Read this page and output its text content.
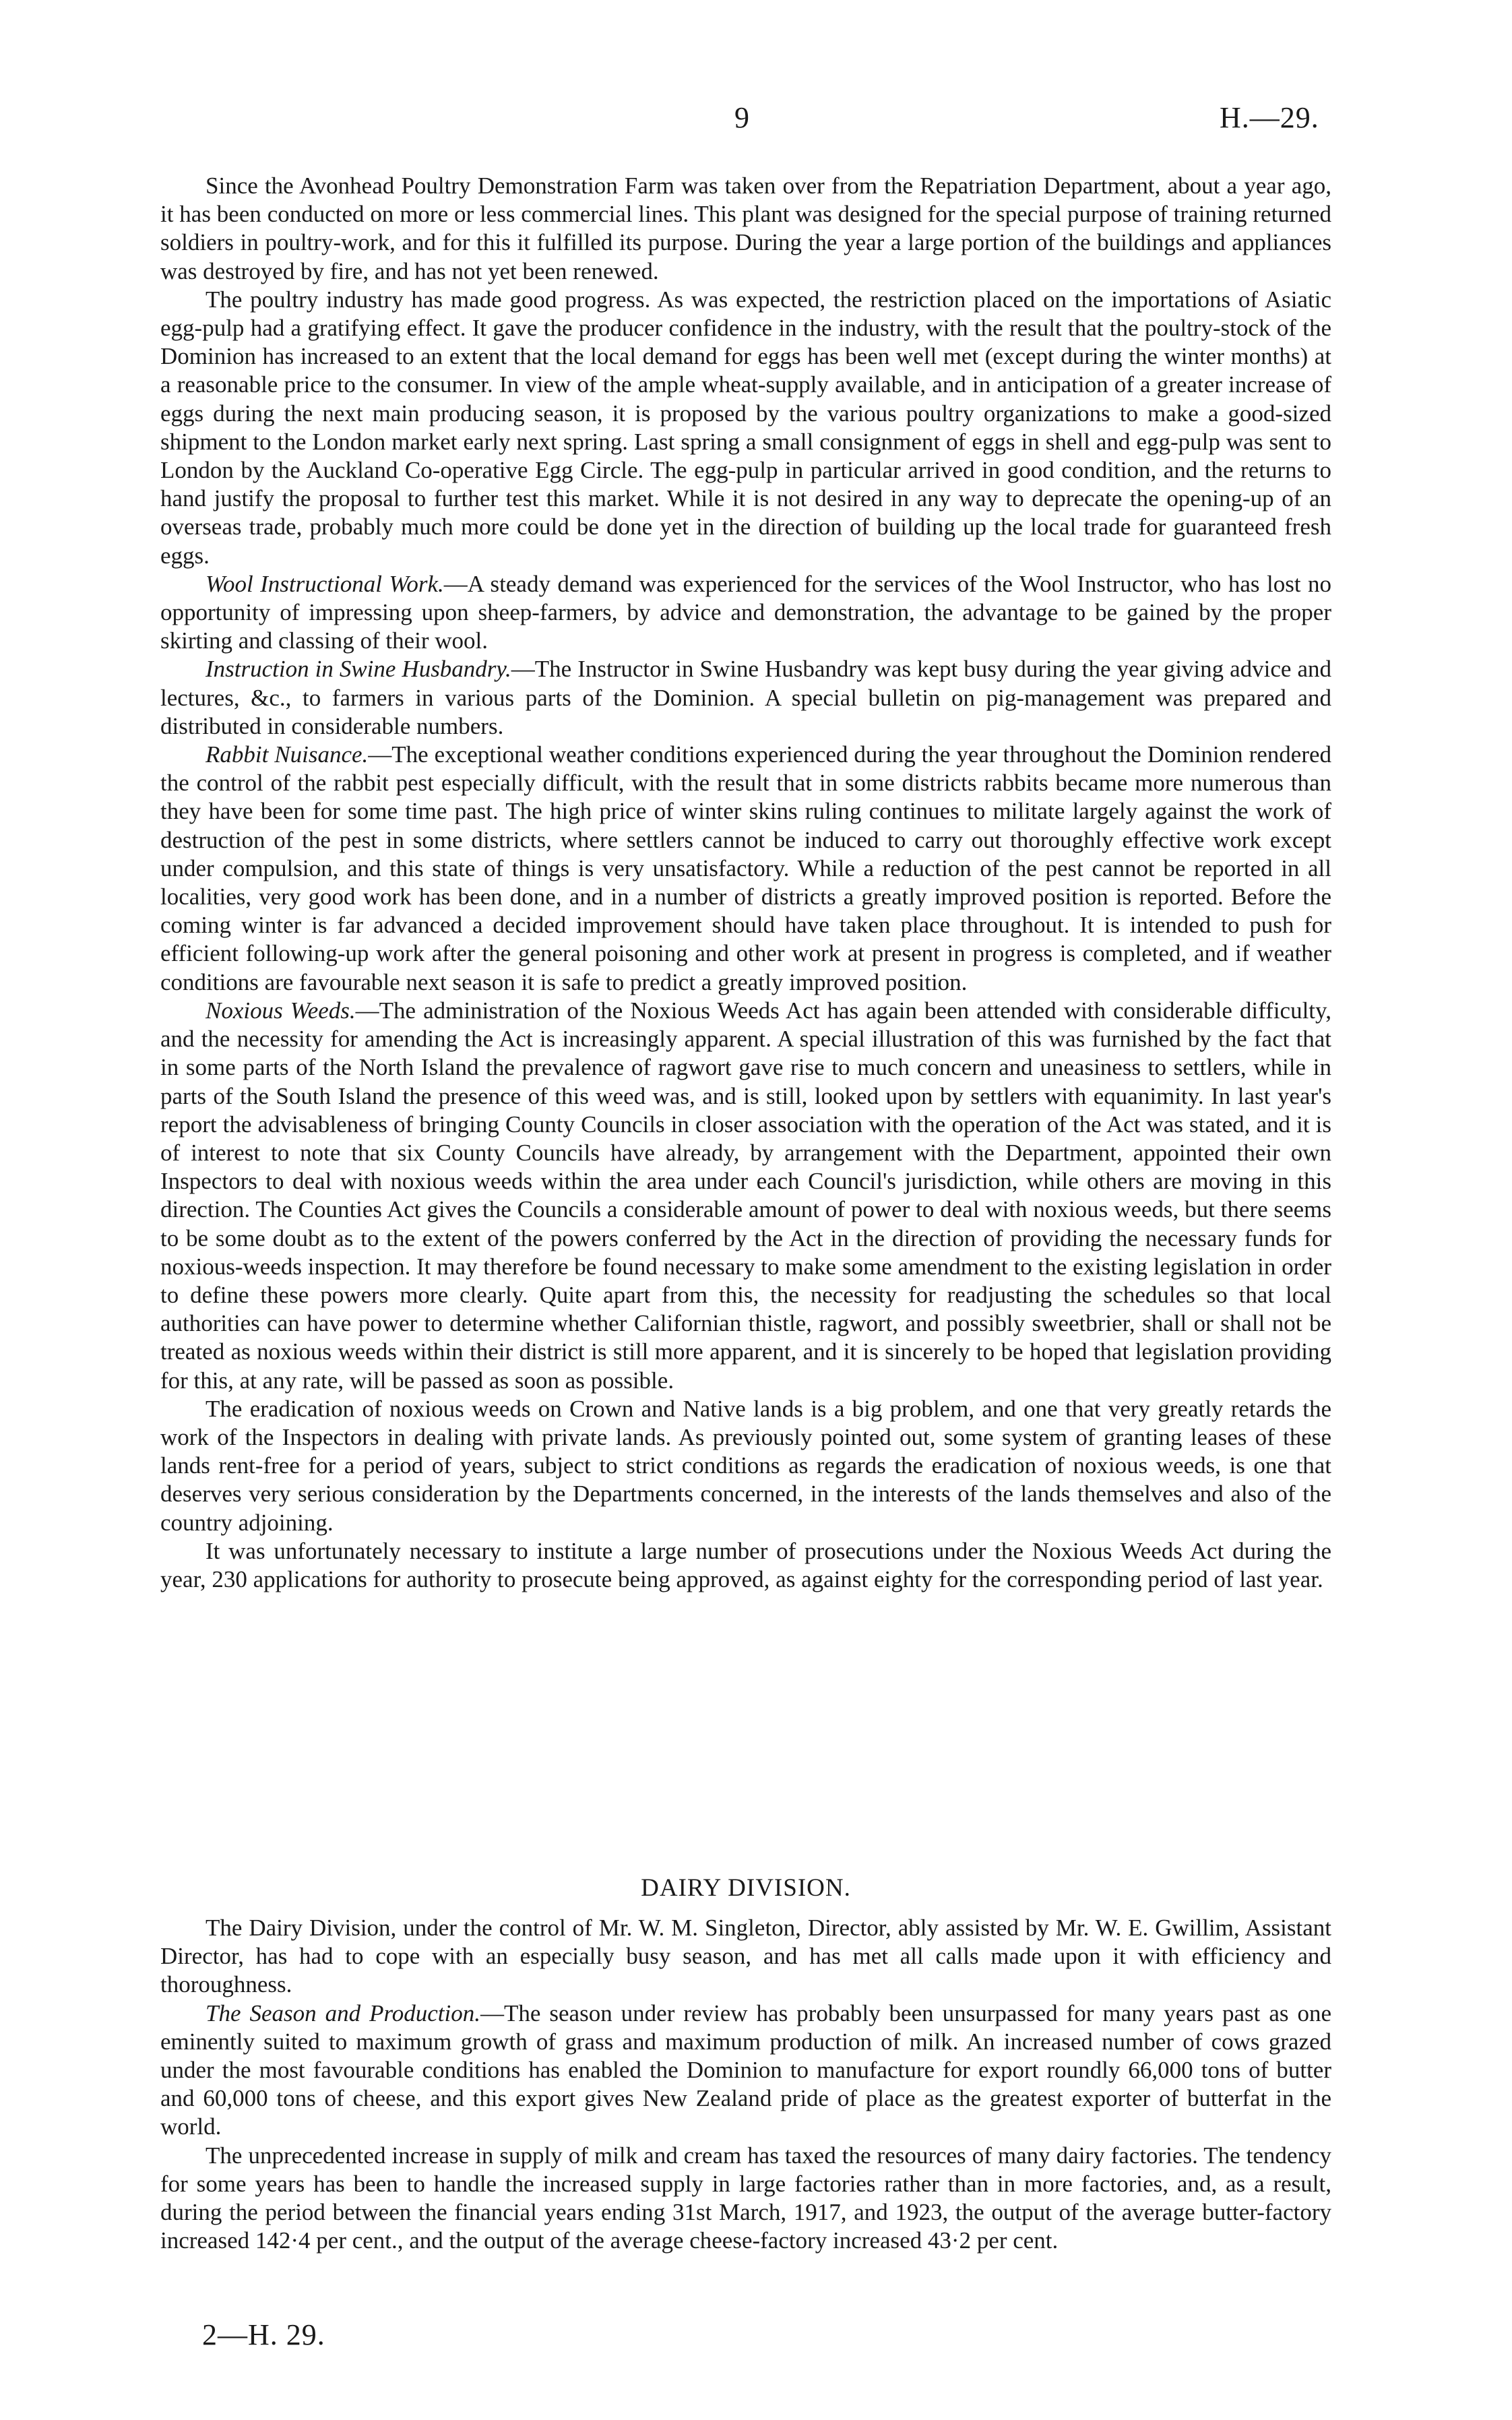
9	H.—29.

Since the Avonhead Poultry Demonstration Farm was taken over from the Repatriation Department, about a year ago, it has been conducted on more or less commercial lines. This plant was designed for the special purpose of training returned soldiers in poultry-work, and for this it fulfilled its purpose. During the year a large portion of the buildings and appliances was destroyed by fire, and has not yet been renewed.

The poultry industry has made good progress. As was expected, the restriction placed on the importations of Asiatic egg-pulp had a gratifying effect. It gave the producer confidence in the industry, with the result that the poultry-stock of the Dominion has increased to an extent that the local demand for eggs has been well met (except during the winter months) at a reasonable price to the consumer. In view of the ample wheat-supply available, and in anticipation of a greater increase of eggs during the next main producing season, it is proposed by the various poultry organizations to make a good-sized shipment to the London market early next spring. Last spring a small consignment of eggs in shell and egg-pulp was sent to London by the Auckland Co-operative Egg Circle. The egg-pulp in particular arrived in good condition, and the returns to hand justify the proposal to further test this market. While it is not desired in any way to deprecate the opening-up of an overseas trade, probably much more could be done yet in the direction of building up the local trade for guaranteed fresh eggs.

Wool Instructional Work.—A steady demand was experienced for the services of the Wool Instructor, who has lost no opportunity of impressing upon sheep-farmers, by advice and demonstration, the advantage to be gained by the proper skirting and classing of their wool.

Instruction in Swine Husbandry.—The Instructor in Swine Husbandry was kept busy during the year giving advice and lectures, &c., to farmers in various parts of the Dominion. A special bulletin on pig-management was prepared and distributed in considerable numbers.

Rabbit Nuisance.—The exceptional weather conditions experienced during the year throughout the Dominion rendered the control of the rabbit pest especially difficult, with the result that in some districts rabbits became more numerous than they have been for some time past. The high price of winter skins ruling continues to militate largely against the work of destruction of the pest in some districts, where settlers cannot be induced to carry out thoroughly effective work except under compulsion, and this state of things is very unsatisfactory. While a reduction of the pest cannot be reported in all localities, very good work has been done, and in a number of districts a greatly improved position is reported. Before the coming winter is far advanced a decided improvement should have taken place throughout. It is intended to push for efficient following-up work after the general poisoning and other work at present in progress is completed, and if weather conditions are favourable next season it is safe to predict a greatly improved position.

Noxious Weeds.—The administration of the Noxious Weeds Act has again been attended with considerable difficulty, and the necessity for amending the Act is increasingly apparent. A special illustration of this was furnished by the fact that in some parts of the North Island the prevalence of ragwort gave rise to much concern and uneasiness to settlers, while in parts of the South Island the presence of this weed was, and is still, looked upon by settlers with equanimity. In last year's report the advisableness of bringing County Councils in closer association with the operation of the Act was stated, and it is of interest to note that six County Councils have already, by arrangement with the Department, appointed their own Inspectors to deal with noxious weeds within the area under each Council's jurisdiction, while others are moving in this direction. The Counties Act gives the Councils a considerable amount of power to deal with noxious weeds, but there seems to be some doubt as to the extent of the powers conferred by the Act in the direction of providing the necessary funds for noxious-weeds inspection. It may therefore be found necessary to make some amendment to the existing legislation in order to define these powers more clearly. Quite apart from this, the necessity for readjusting the schedules so that local authorities can have power to determine whether Californian thistle, ragwort, and possibly sweetbrier, shall or shall not be treated as noxious weeds within their district is still more apparent, and it is sincerely to be hoped that legislation providing for this, at any rate, will be passed as soon as possible.

The eradication of noxious weeds on Crown and Native lands is a big problem, and one that very greatly retards the work of the Inspectors in dealing with private lands. As previously pointed out, some system of granting leases of these lands rent-free for a period of years, subject to strict conditions as regards the eradication of noxious weeds, is one that deserves very serious consideration by the Departments concerned, in the interests of the lands themselves and also of the country adjoining.

It was unfortunately necessary to institute a large number of prosecutions under the Noxious Weeds Act during the year, 230 applications for authority to prosecute being approved, as against eighty for the corresponding period of last year.

DAIRY DIVISION.

The Dairy Division, under the control of Mr. W. M. Singleton, Director, ably assisted by Mr. W. E. Gwillim, Assistant Director, has had to cope with an especially busy season, and has met all calls made upon it with efficiency and thoroughness.

The Season and Production.—The season under review has probably been unsurpassed for many years past as one eminently suited to maximum growth of grass and maximum production of milk. An increased number of cows grazed under the most favourable conditions has enabled the Dominion to manufacture for export roundly 66,000 tons of butter and 60,000 tons of cheese, and this export gives New Zealand pride of place as the greatest exporter of butterfat in the world.

The unprecedented increase in supply of milk and cream has taxed the resources of many dairy factories. The tendency for some years has been to handle the increased supply in large factories rather than in more factories, and, as a result, during the period between the financial years ending 31st March, 1917, and 1923, the output of the average butter-factory increased 142·4 per cent., and the output of the average cheese-factory increased 43·2 per cent.

2—H. 29.
